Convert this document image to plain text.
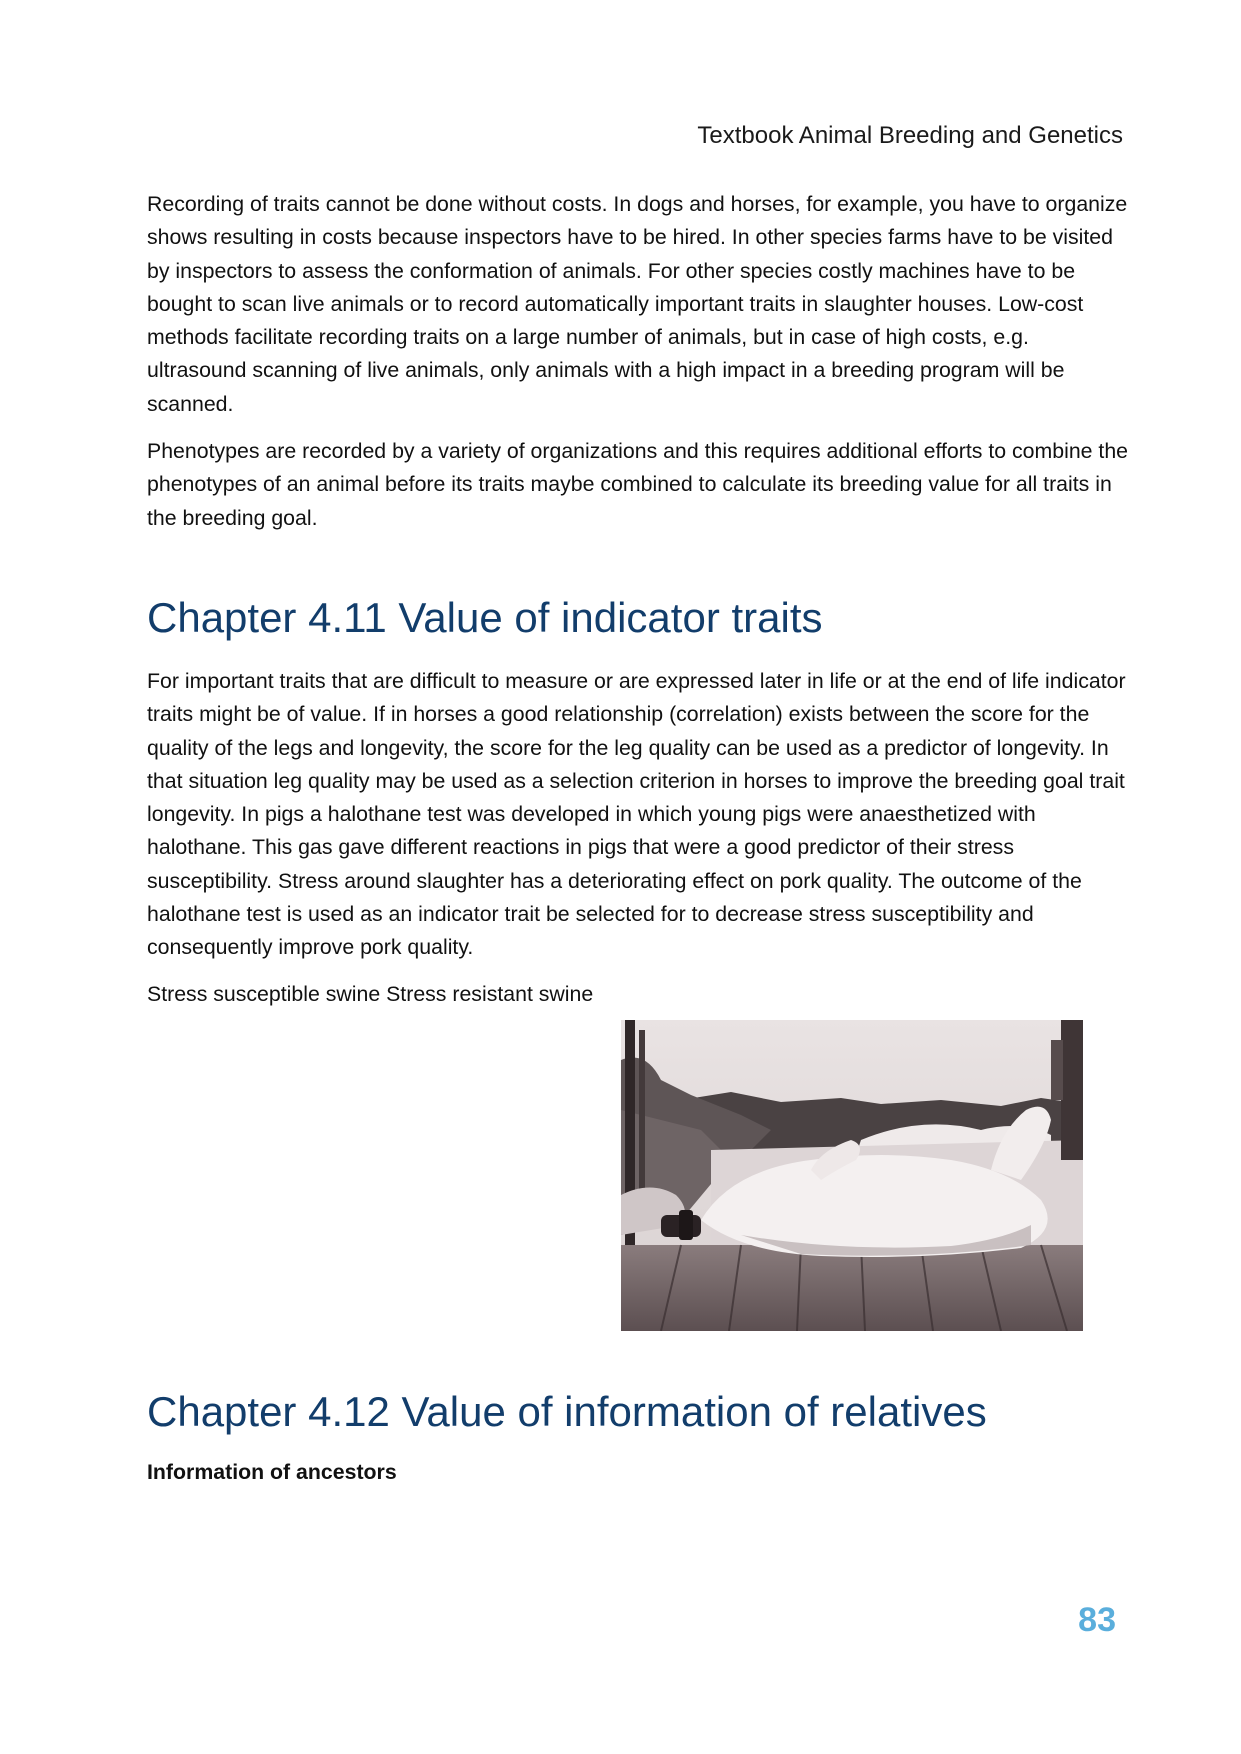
Textbook Animal Breeding and Genetics

Recording of traits cannot be done without costs. In dogs and horses, for example, you have to organize shows resulting in costs because inspectors have to be hired. In other species farms have to be visited by inspectors to assess the conformation of animals. For other species costly machines have to be bought to scan live animals or to record automatically important traits in slaughter houses. Low-cost methods facilitate recording traits on a large number of animals, but in case of high costs, e.g. ultrasound scanning of live animals, only animals with a high impact in a breeding program will be scanned.

Phenotypes are recorded by a variety of organizations and this requires additional efforts to combine the phenotypes of an animal before its traits maybe combined to calculate its breeding value for all traits in the breeding goal.

Chapter 4.11 Value of indicator traits

For important traits that are difficult to measure or are expressed later in life or at the end of life indicator traits might be of value. If in horses a good relationship (correlation) exists between the score for the quality of the legs and longevity, the score for the leg quality can be used as a predictor of longevity. In that situation leg quality may be used as a selection criterion in horses to improve the breeding goal trait longevity. In pigs a halothane test was developed in which young pigs were anaesthetized with halothane. This gas gave different reactions in pigs that were a good predictor of their stress susceptibility. Stress around slaughter has a deteriorating effect on pork quality. The outcome of the halothane test is used as an indicator trait be selected for to decrease stress susceptibility and consequently improve pork quality.

Stress susceptible swine Stress resistant swine
Chapter 4.12 Value of information of relatives
Information of ancestors
83
